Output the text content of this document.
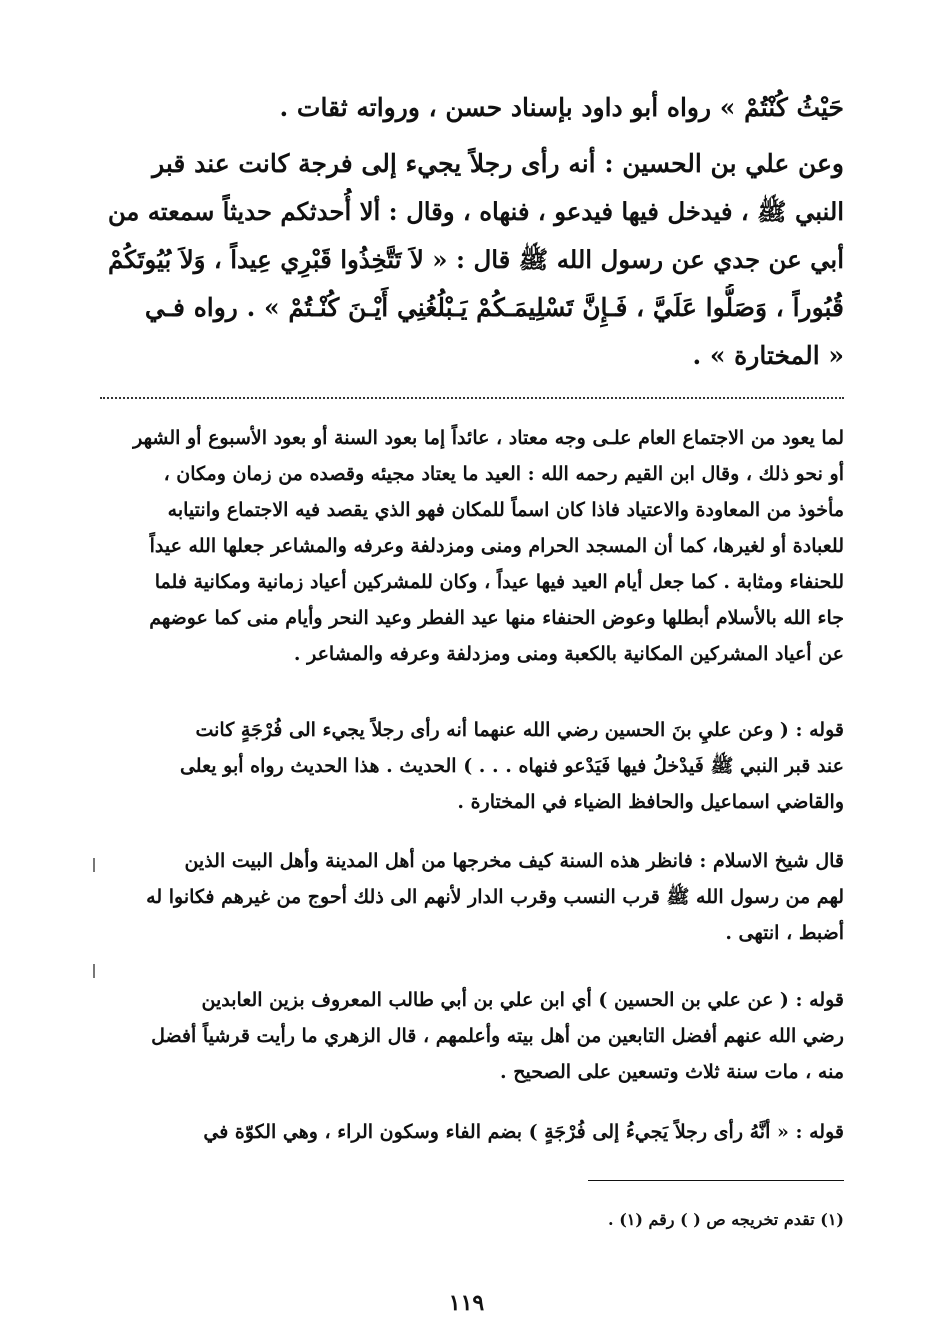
حَيْثُ كُنْتُمْ » رواه أبو داود بإسناد حسن ، ورواته ثقات .
وعن علي بن الحسين : أنه رأى رجلاً يجيء إلى فرجة كانت عند قبر
النبي ﷺ ، فيدخل فيها فيدعو ، فنهاه ، وقال : ألا أُحدثكم حديثاً سمعته من
أبي عن جدي عن رسول الله ﷺ قال : « لاَ تَتَّخِذُوا قَبْرِي عِيداً ، وَلاَ بُيُوتَكُمْ
قُبُوراً ، وَصَلُّوا عَلَيَّ ، فَـإِنَّ تَسْلِيمَـكُمْ يَـبْلُغُنِي أَيْـنَ كُنْـتُمْ » . رواه فـي
« المختارة » .
لما يعود من الاجتماع العام علـى وجه معتاد ، عائداً إما بعود السنة أو بعود الأسبوع أو الشهر
أو نحو ذلك ، وقال ابن القيم رحمه الله : العيد ما يعتاد مجيئه وقصده من زمان ومكان ،
مأخوذ من المعاودة والاعتياد فاذا كان اسماً للمكان فهو الذي يقصد فيه الاجتماع وانتيابه
للعبادة أو لغيرها، كما أن المسجد الحرام ومنى ومزدلفة وعرفه والمشاعر جعلها الله عيداً
للحنفاء ومثابة . كما جعل أيام العيد فيها عيداً ، وكان للمشركين أعياد زمانية ومكانية فلما
جاء الله بالأسلام أبطلها وعوض الحنفاء منها عيد الفطر وعيد النحر وأيام منى كما عوضهم
عن أعياد المشركين المكانية بالكعبة ومنى ومزدلفة وعرفه والمشاعر .
قوله : ( وعن عليِ بنَ الحسين رضي الله عنهما أنه رأى رجلاً يجيء الى فُرْجَةٍ كانت
عند قبر النبي ﷺ فَيدْخلُ فيها فَيَدْعو فنهاه . . . ) الحديث . هذا الحديث رواه أبو يعلى
والقاضي اسماعيل والحافظ الضياء في المختارة .
قال شيخ الاسلام : فانظر هذه السنة كيف مخرجها من أهل المدينة وأهل البيت الذين
لهم من رسول الله ﷺ قرب النسب وقرب الدار لأنهم الى ذلك أحوج من غيرهم فكانوا له
أضبط ، انتهى .
قوله : ( عن علي بن الحسين ) أي ابن علي بن أبي طالب المعروف بزين العابدين
رضي الله عنهم أفضل التابعين من أهل بيته وأعلمهم ، قال الزهري ما رأيت قرشياً أفضل
منه ، مات سنة ثلاث وتسعين على الصحيح .
قوله : « أنَّهُ رأى رجلاً يَجيءُ إلى فُرْجَةٍ ) بضم الفاء وسكون الراء ، وهي الكوّة في
(١) تقدم تخريجه ص ( ) رقم (١) .
١١٩
